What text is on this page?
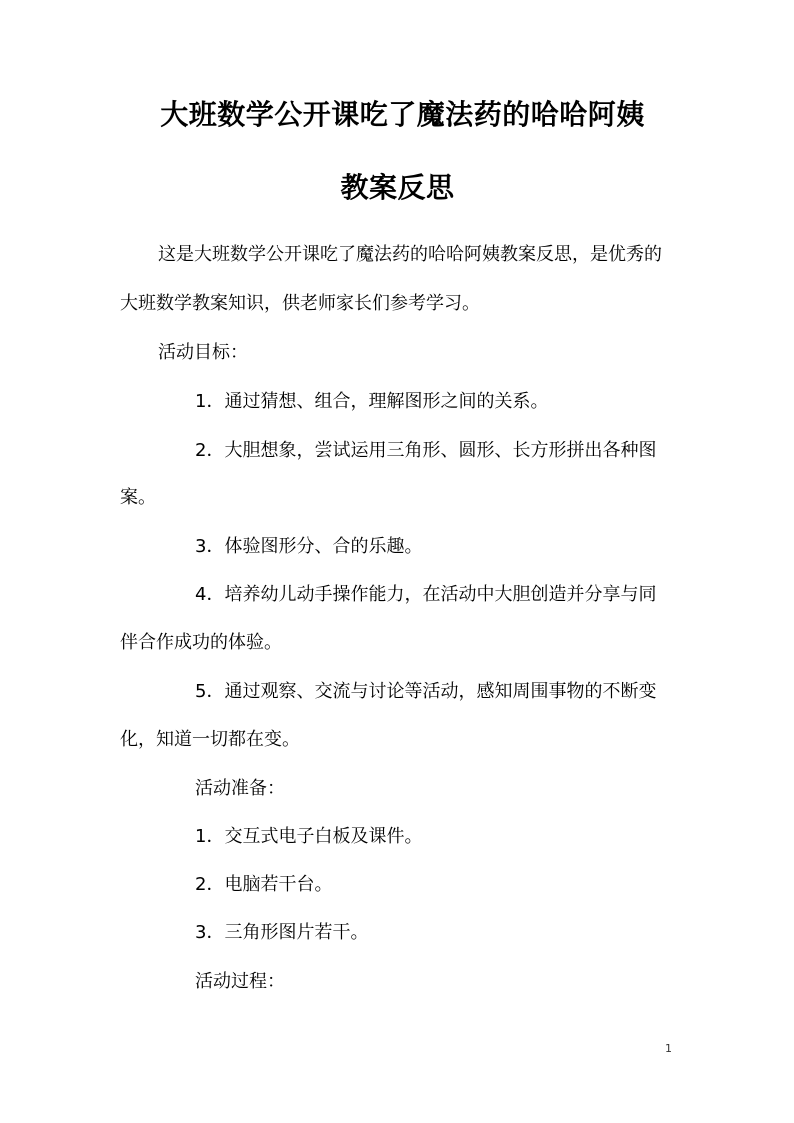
大班数学公开课吃了魔法药的哈哈阿姨
教案反思
这是大班数学公开课吃了魔法药的哈哈阿姨教案反思，是优秀的
大班数学教案知识，供老师家长们参考学习。
活动目标：
1．通过猜想、组合，理解图形之间的关系。
2．大胆想象，尝试运用三角形、圆形、长方形拼出各种图
案。
3．体验图形分、合的乐趣。
4．培养幼儿动手操作能力，在活动中大胆创造并分享与同
伴合作成功的体验。
5．通过观察、交流与讨论等活动，感知周围事物的不断变
化，知道一切都在变。
活动准备：
1．交互式电子白板及课件。
2．电脑若干台。
3．三角形图片若干。
活动过程：
1
